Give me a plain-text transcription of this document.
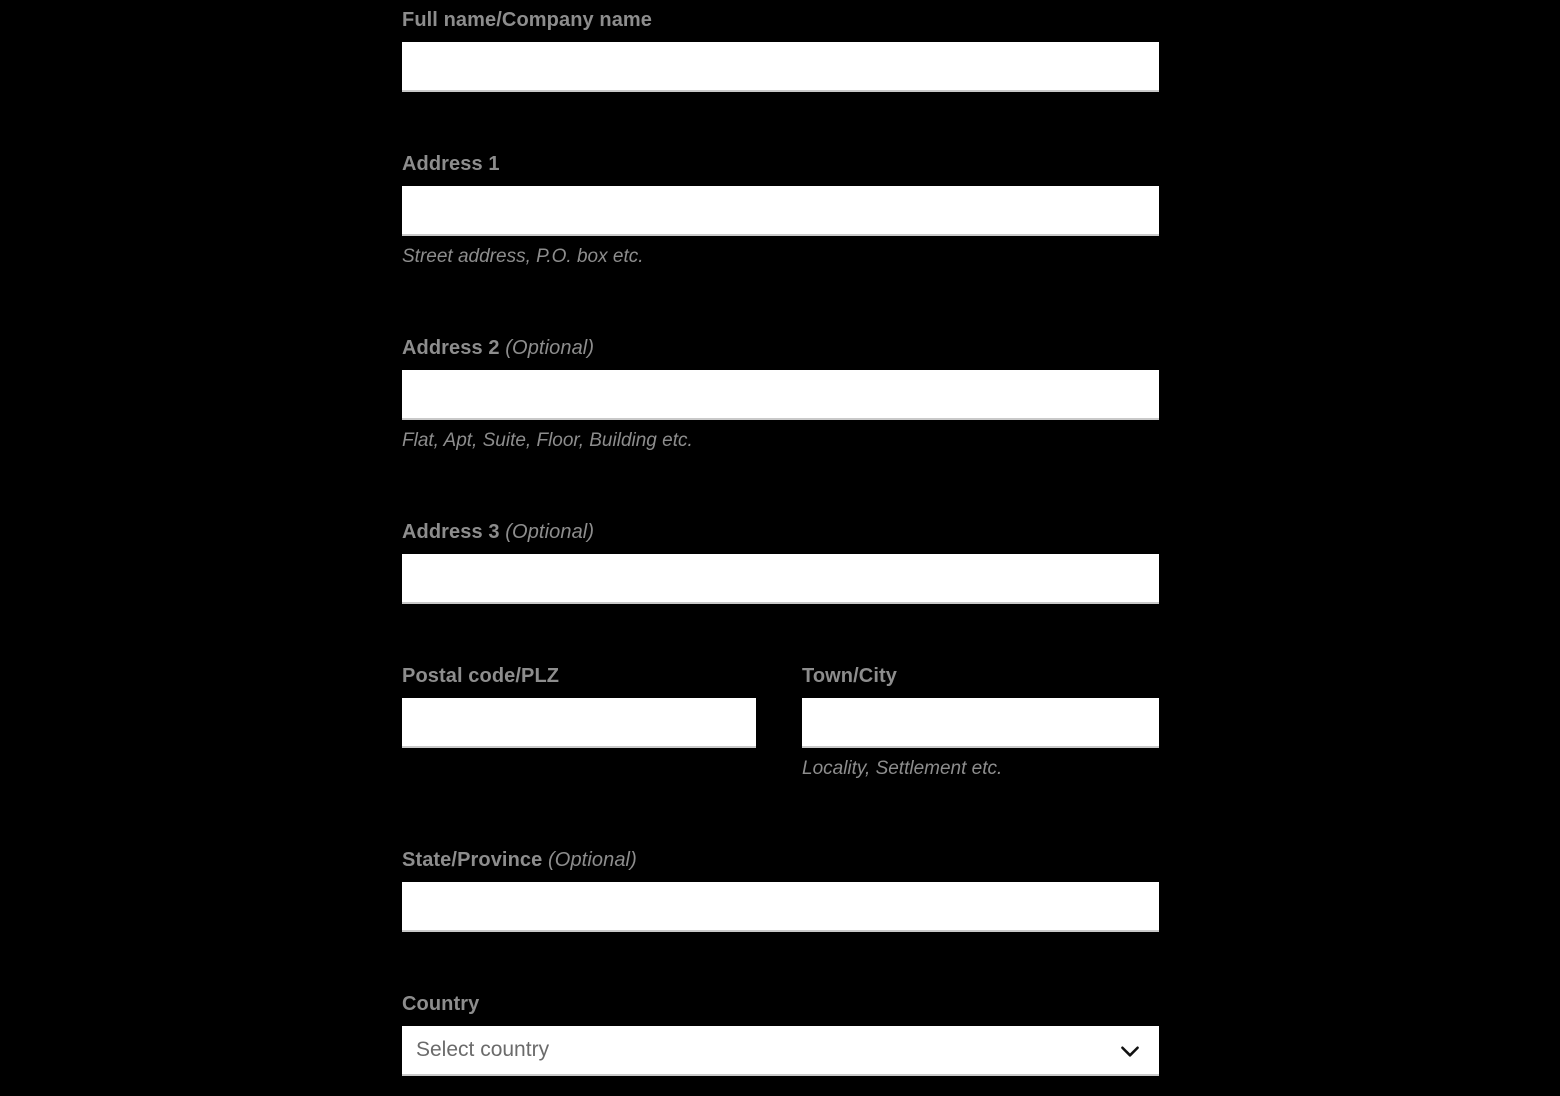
Full name/Company name
Address 1
Street address, P.O. box etc.
Address 2 (Optional)
Flat, Apt, Suite, Floor, Building etc.
Address 3 (Optional)
Postal code/PLZ	Town/City
Locality, Settlement etc.
State/Province (Optional)
Country
Select country
